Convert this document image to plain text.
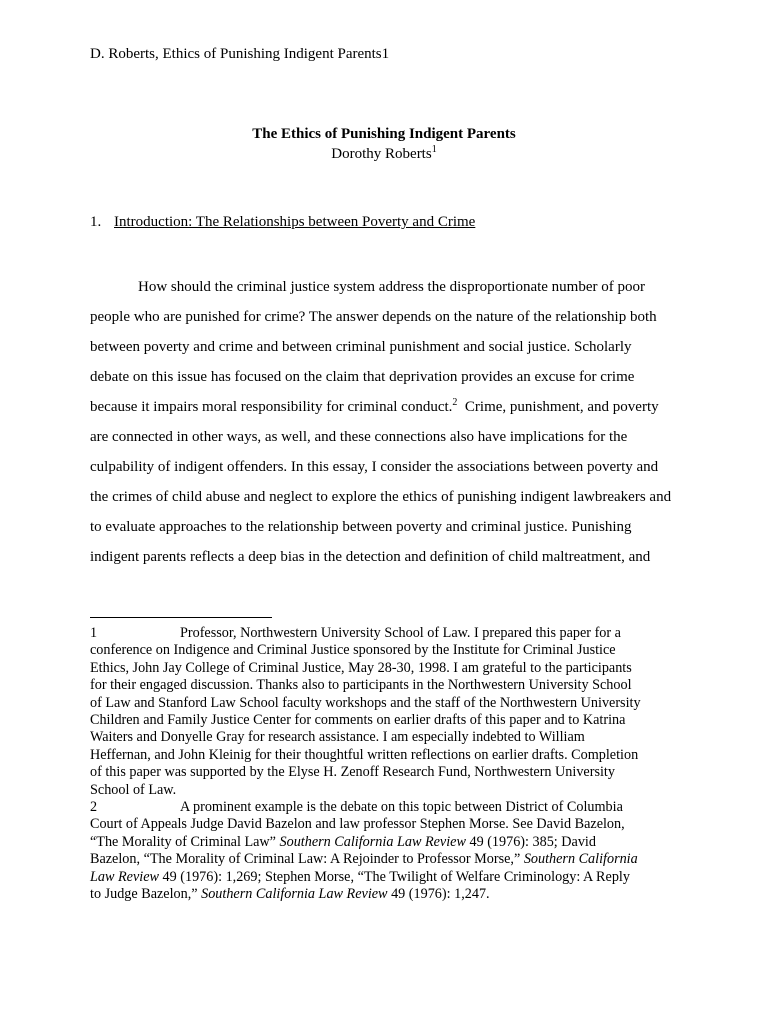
D. Roberts, Ethics of Punishing Indigent Parents1
The Ethics of Punishing Indigent Parents
Dorothy Roberts$^1$
1. Introduction: The Relationships between Poverty and Crime
How should the criminal justice system address the disproportionate number of poor
people who are punished for crime? The answer depends on the nature of the relationship both
between poverty and crime and between criminal punishment and social justice. Scholarly
debate on this issue has focused on the claim that deprivation provides an excuse for crime
because it impairs moral responsibility for criminal conduct.$^2$  Crime, punishment, and poverty
are connected in other ways, as well, and these connections also have implications for the
culpability of indigent offenders. In this essay, I consider the associations between poverty and
the crimes of child abuse and neglect to explore the ethics of punishing indigent lawbreakers and
to evaluate approaches to the relationship between poverty and criminal justice. Punishing
indigent parents reflects a deep bias in the detection and definition of child maltreatment, and
1	Professor, Northwestern University School of Law. I prepared this paper for a
conference on Indigence and Criminal Justice sponsored by the Institute for Criminal Justice
Ethics, John Jay College of Criminal Justice, May 28-30, 1998. I am grateful to the participants
for their engaged discussion. Thanks also to participants in the Northwestern University School
of Law and Stanford Law School faculty workshops and the staff of the Northwestern University
Children and Family Justice Center for comments on earlier drafts of this paper and to Katrina
Waiters and Donyelle Gray for research assistance. I am especially indebted to William
Heffernan, and John Kleinig for their thoughtful written reflections on earlier drafts. Completion
of this paper was supported by the Elyse H. Zenoff Research Fund, Northwestern University
School of Law.
2	A prominent example is the debate on this topic between District of Columbia
Court of Appeals Judge David Bazelon and law professor Stephen Morse. See David Bazelon,
“The Morality of Criminal Law” Southern California Law Review 49 (1976): 385; David
Bazelon, “The Morality of Criminal Law: A Rejoinder to Professor Morse,” Southern California
Law Review 49 (1976): 1,269; Stephen Morse, “The Twilight of Welfare Criminology: A Reply
to Judge Bazelon,” Southern California Law Review 49 (1976): 1,247.
